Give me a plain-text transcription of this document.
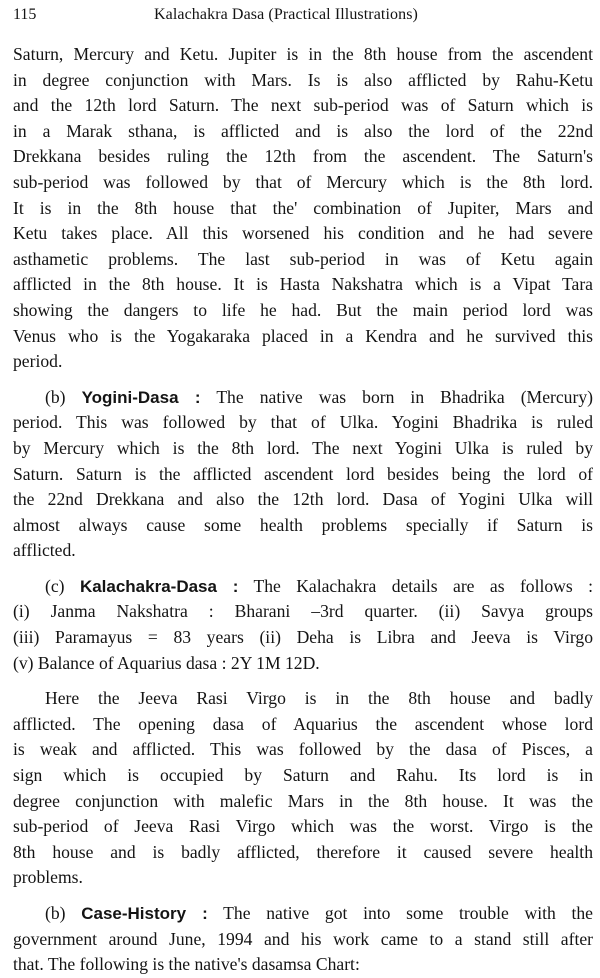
115	Kalachakra Dasa (Practical Illustrations)
Saturn, Mercury and Ketu. Jupiter is in the 8th house from the ascendent
in degree conjunction with Mars. Is is also afflicted by Rahu-Ketu
and the 12th lord Saturn. The next sub-period was of Saturn which is
in a Marak sthana, is afflicted and is also the lord of the 22nd
Drekkana besides ruling the 12th from the ascendent. The Saturn's
sub-period was followed by that of Mercury which is the 8th lord.
It is in the 8th house that the' combination of Jupiter, Mars and
Ketu takes place. All this worsened his condition and he had severe
asthametic problems. The last sub-period in was of Ketu again
afflicted in the 8th house. It is Hasta Nakshatra which is a Vipat Tara
showing the dangers to life he had. But the main period lord was
Venus who is the Yogakaraka placed in a Kendra and he survived this
period.
(b) Yogini-Dasa : The native was born in Bhadrika (Mercury)
period. This was followed by that of Ulka. Yogini Bhadrika is ruled
by Mercury which is the 8th lord. The next Yogini Ulka is ruled by
Saturn. Saturn is the afflicted ascendent lord besides being the lord of
the 22nd Drekkana and also the 12th lord. Dasa of Yogini Ulka will
almost always cause some health problems specially if Saturn is
afflicted.
(c) Kalachakra-Dasa : The Kalachakra details are as follows :
(i) Janma Nakshatra : Bharani –3rd quarter. (ii) Savya groups
(iii) Paramayus = 83 years (ii) Deha is Libra and Jeeva is Virgo
(v) Balance of Aquarius dasa : 2Y 1M 12D.
Here the Jeeva Rasi Virgo is in the 8th house and badly
afflicted. The opening dasa of Aquarius the ascendent whose lord
is weak and afflicted. This was followed by the dasa of Pisces, a
sign which is occupied by Saturn and Rahu. Its lord is in
degree conjunction with malefic Mars in the 8th house. It was the
sub-period of Jeeva Rasi Virgo which was the worst. Virgo is the
8th house and is badly afflicted, therefore it caused severe health
problems.
(b) Case-History : The native got into some trouble with the
government around June, 1994 and his work came to a stand still after
that. The following is the native's dasamsa Chart:
